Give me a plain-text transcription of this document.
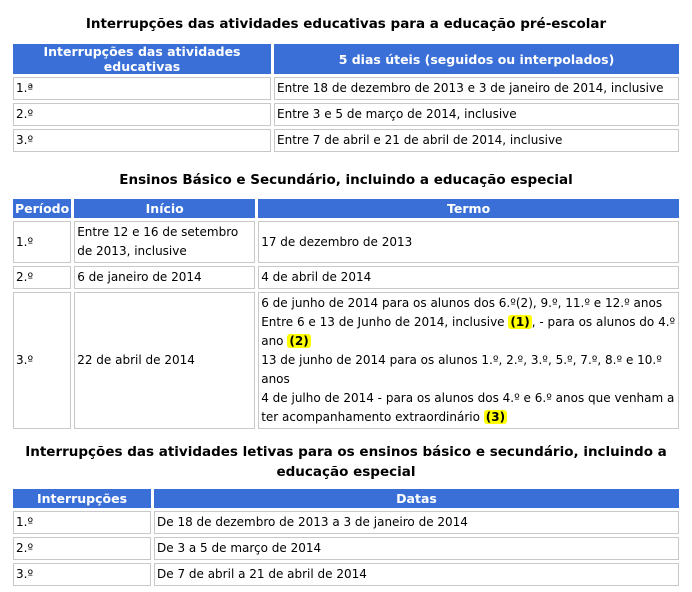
Interrupções das atividades educativas para a educação pré-escolar

Interrupções das atividades educativas	5 dias úteis (seguidos ou interpolados)
1.ª	Entre 18 de dezembro de 2013 e 3 de janeiro de 2014, inclusive
2.º	Entre 3 e 5 de março de 2014, inclusive
3.º	Entre 7 de abril e 21 de abril de 2014, inclusive

Ensinos Básico e Secundário, incluindo a educação especial

Período	Início	Termo
1.º	Entre 12 e 16 de setembro de 2013, inclusive	17 de dezembro de 2013
2.º	6 de janeiro de 2014	4 de abril de 2014
3.º	22 de abril de 2014	6 de junho de 2014 para os alunos dos 6.º(2), 9.º, 11.º e 12.º anos
Entre 6 e 13 de Junho de 2014, inclusive (1) , - para os alunos do 4.º ano (2)
13 de junho de 2014 para os alunos 1.º, 2.º, 3.º, 5.º, 7.º, 8.º e 10.º anos
4 de julho de 2014 - para os alunos dos 4.º e 6.º anos que venham a ter acompanhamento extraordinário (3)

Interrupções das atividades letivas para os ensinos básico e secundário, incluindo a educação especial

Interrupções	Datas
1.º	De 18 de dezembro de 2013 a 3 de janeiro de 2014
2.º	De 3 a 5 de março de 2014
3.º	De 7 de abril a 21 de abril de 2014
